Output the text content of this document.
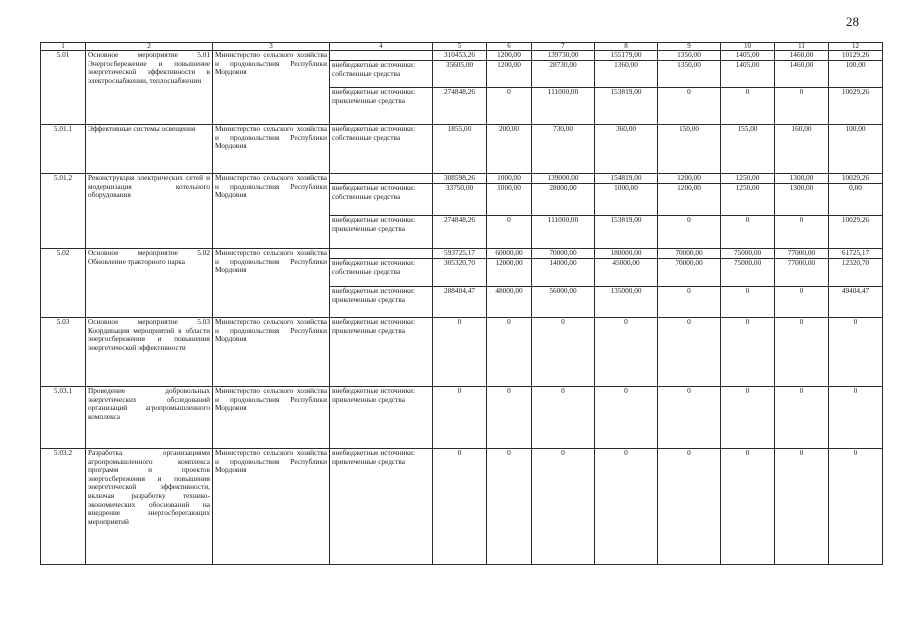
28
1	2	3	4	5	6	7	8	9	10	11	12
5.01	Основное мероприятие 5.01 Энергосбережение и повышение энергетической эффективности в электроснабжении, теплоснабжении	Министерство сельского хозяйства и продовольствия Республики Мордовия		310453,26	1200,00	139730,00	155179,00	1350,00	1405,00	1460,00	10129,26
			внебюджетные источники: собственные средства	35605,00	1200,00	28730,00	1360,00	1350,00	1405,00	1460,00	100,00
			внебюджетные источники: привлеченные средства	274848,26	0	111000,00	153819,00	0	0	0	10029,26
5.01.1	Эффективные системы освещения	Министерство сельского хозяйства и продовольствия Республики Мордовия	внебюджетные источники: собственные средства	1855,00	200,00	730,00	360,00	150,00	155,00	160,00	100,00
5.01.2	Реконструкция электрических сетей и модернизация котельного оборудования	Министерство сельского хозяйства и продовольствия Республики Мордовия		308598,26	1000,00	139000,00	154819,00	1200,00	1250,00	1300,00	10029,26
			внебюджетные источники: собственные средства	33750,00	1000,00	28000,00	1000,00	1200,00	1250,00	1300,00	0,00
			внебюджетные источники: привлеченные средства	274848,26	0	111000,00	153819,00	0	0	0	10029,26
5.02	Основное мероприятие 5.02 Обновление тракторного парка	Министерство сельского хозяйства и продовольствия Республики Мордовия		593725,17	60000,00	70000,00	180000,00	70000,00	75000,00	77000,00	61725,17
			внебюджетные источники: собственные средства	305320,70	12000,00	14000,00	45000,00	70000,00	75000,00	77000,00	12320,70
			внебюджетные источники: привлеченные средства	288404,47	48000,00	56000,00	135000,00	0	0	0	49404,47
5.03	Основное мероприятие 5.03 Координация мероприятий в области энергосбережения и повышения энергетической эффективности	Министерство сельского хозяйства и продовольствия Республики Мордовия	внебюджетные источники: привлеченные средства	0	0	0	0	0	0	0	0
5.03.1	Проведение добровольных энергетических обследований организаций агропромышленного комплекса	Министерство сельского хозяйства и продовольствия Республики Мордовия	внебюджетные источники: привлеченные средства	0	0	0	0	0	0	0	0
5.03.2	Разработка организациями агропромышленного комплекса программ и проектов энергосбережения и повышения энергетической эффективности, включая разработку технико-экономических обоснований на внедрение энергосберегающих мероприятий	Министерство сельского хозяйства и продовольствия Республики Мордовия	внебюджетные источники: привлеченные средства	0	0	0	0	0	0	0	0
